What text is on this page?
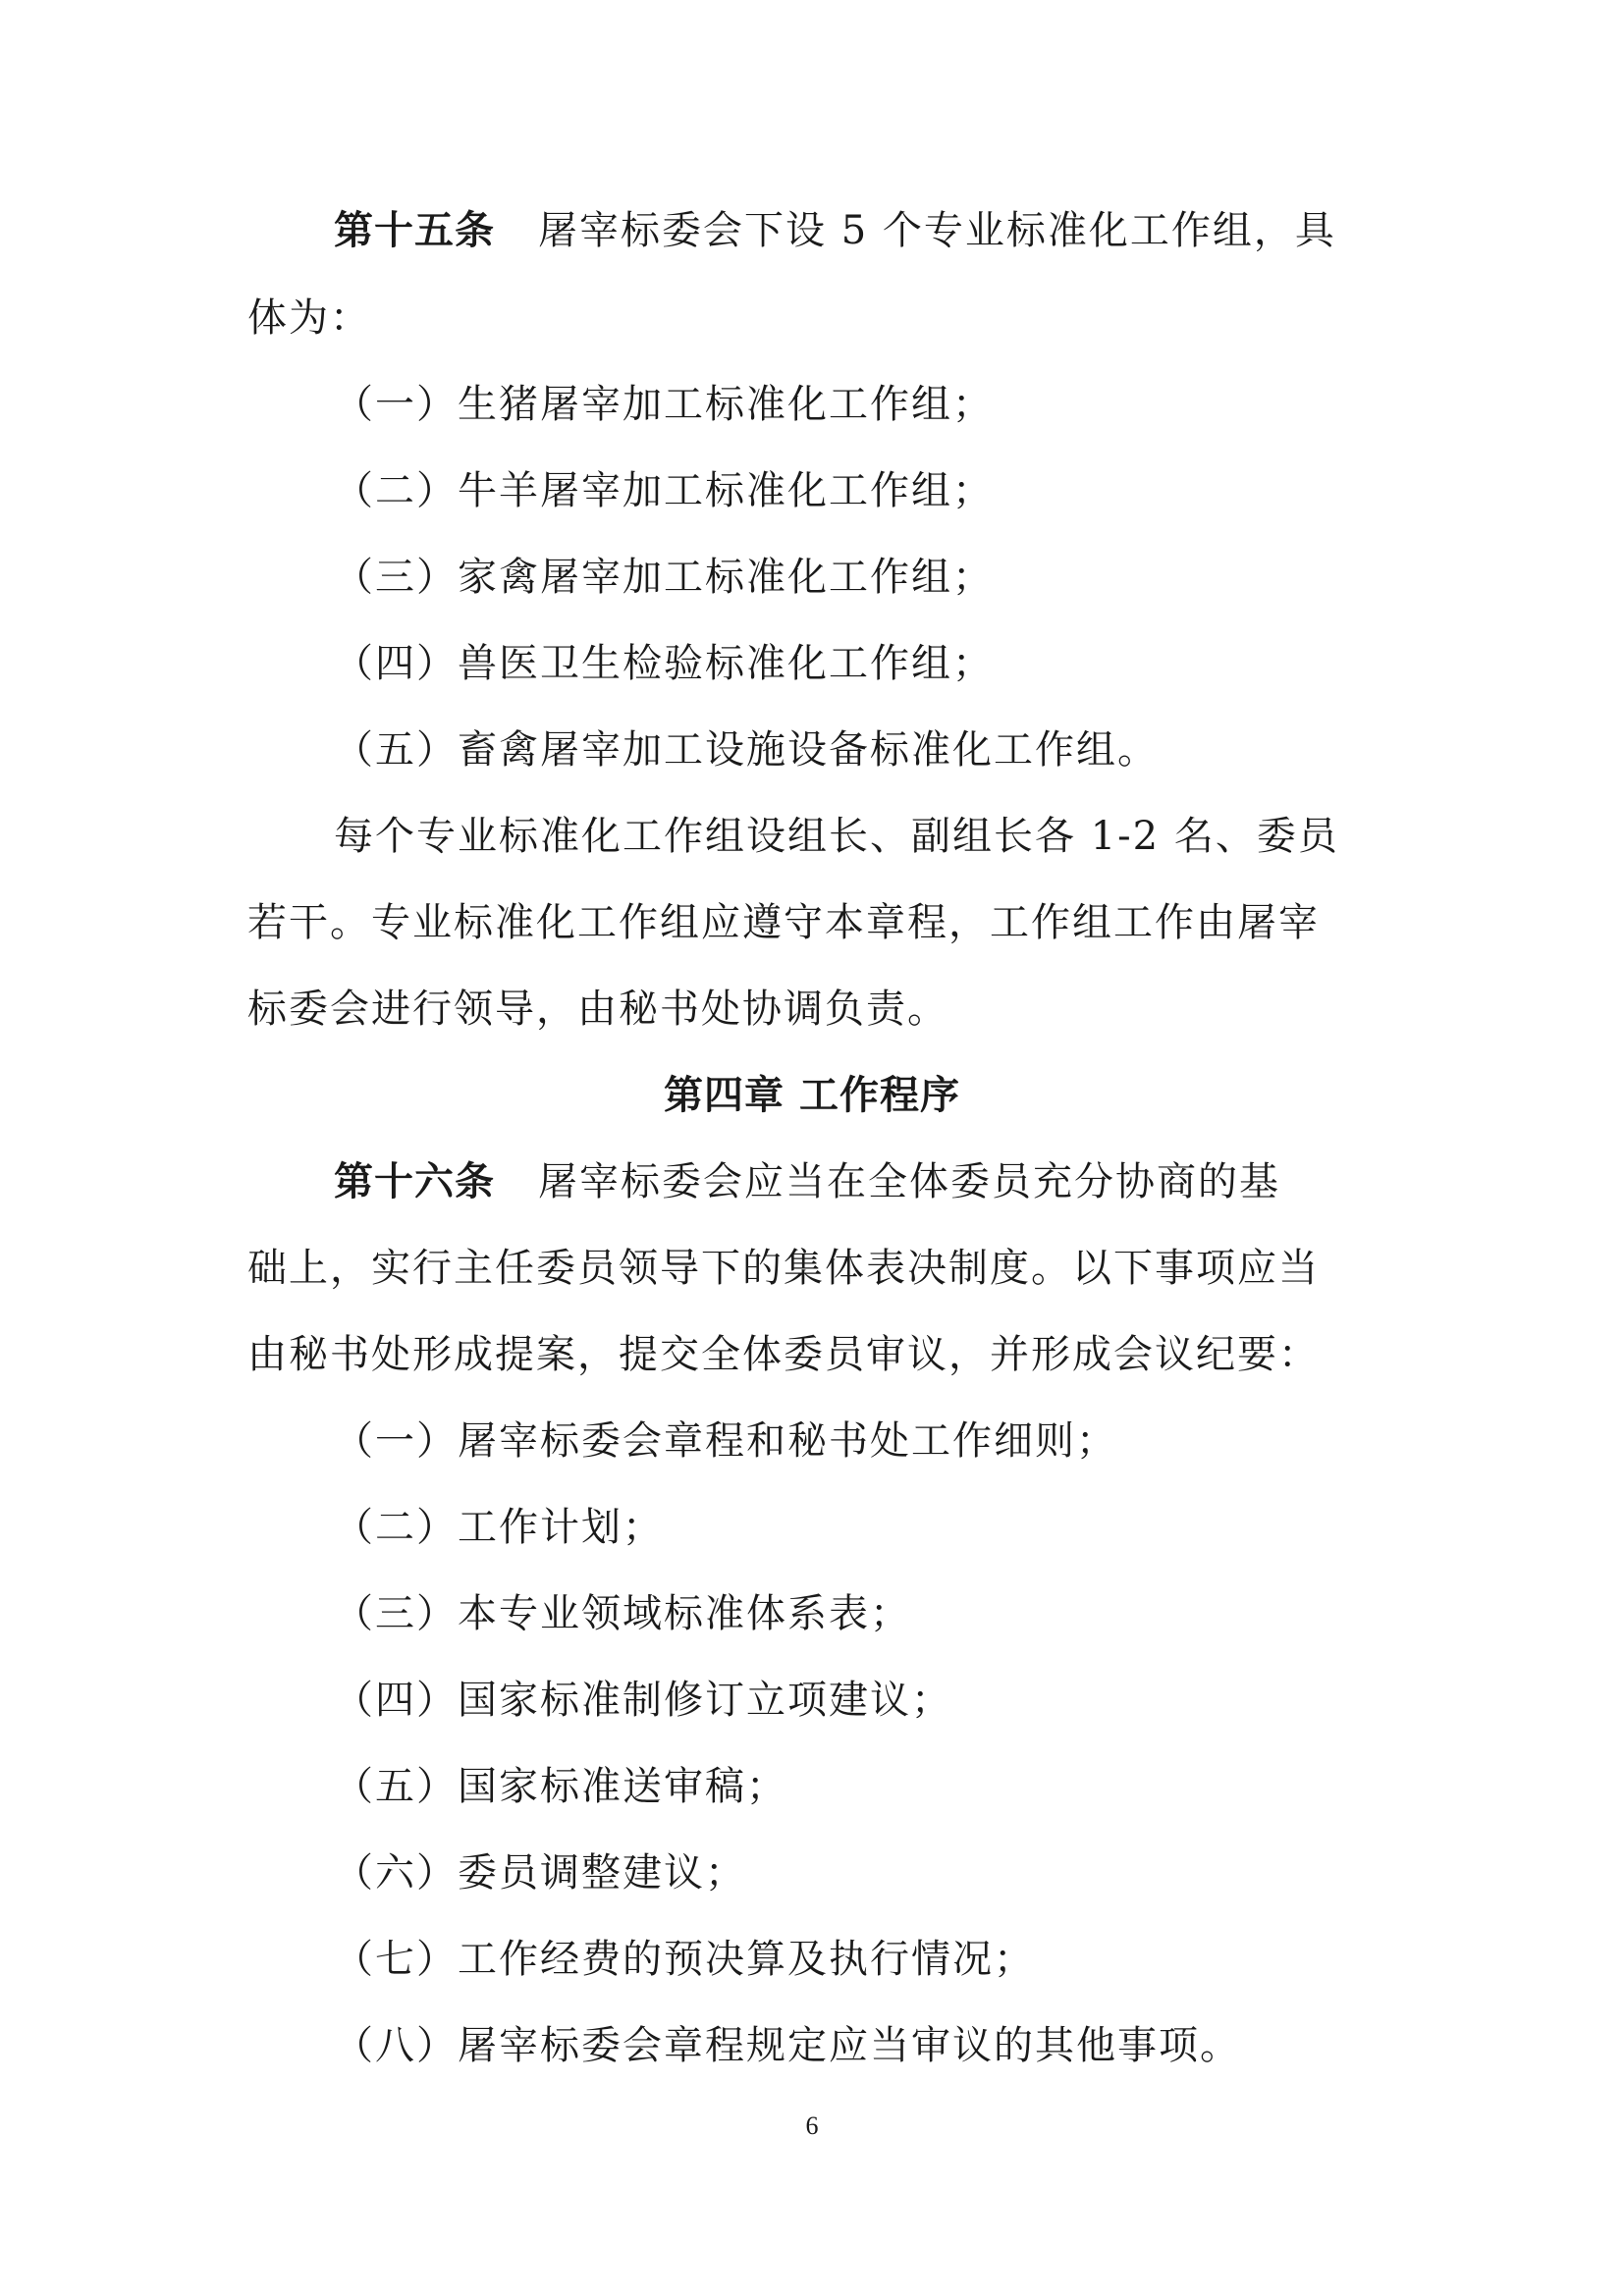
第十五条 屠宰标委会下设 5 个专业标准化工作组，具
体为：
（一）生猪屠宰加工标准化工作组；
（二）牛羊屠宰加工标准化工作组；
（三）家禽屠宰加工标准化工作组；
（四）兽医卫生检验标准化工作组；
（五）畜禽屠宰加工设施设备标准化工作组。
每个专业标准化工作组设组长、副组长各 1-2 名、委员
若干。专业标准化工作组应遵守本章程，工作组工作由屠宰
标委会进行领导，由秘书处协调负责。
第四章 工作程序
第十六条 屠宰标委会应当在全体委员充分协商的基
础上，实行主任委员领导下的集体表决制度。以下事项应当
由秘书处形成提案，提交全体委员审议，并形成会议纪要：
（一）屠宰标委会章程和秘书处工作细则；
（二）工作计划；
（三）本专业领域标准体系表；
（四）国家标准制修订立项建议；
（五）国家标准送审稿；
（六）委员调整建议；
（七）工作经费的预决算及执行情况；
（八）屠宰标委会章程规定应当审议的其他事项。
6
